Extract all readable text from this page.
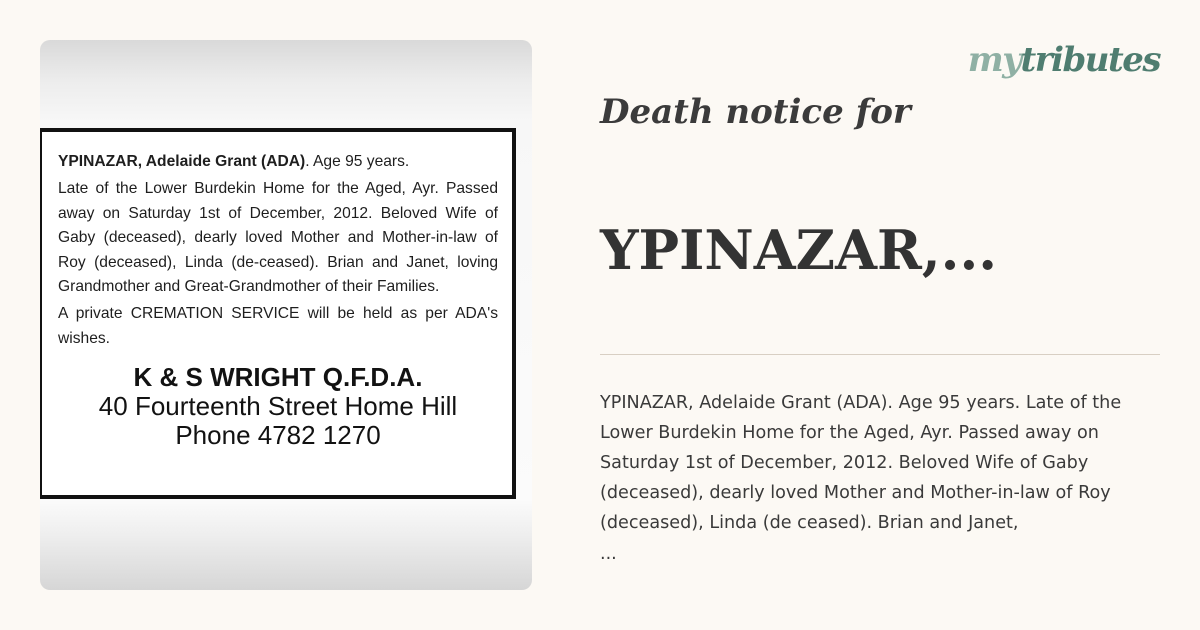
YPINAZAR, Adelaide Grant (ADA). Age 95 years.

Late of the Lower Burdekin Home for the Aged, Ayr. Passed away on Saturday 1st of December, 2012. Beloved Wife of Gaby (deceased), dearly loved Mother and Mother-in-law of Roy (deceased), Linda (de-ceased). Brian and Janet, loving Grandmother and Great-Grandmother of their Families.

A private CREMATION SERVICE will be held as per ADA's wishes.

K & S WRIGHT Q.F.D.A.
40 Fourteenth Street Home Hill
Phone 4782 1270
mytributes
Death notice for
YPINAZAR,...

YPINAZAR, Adelaide Grant (ADA). Age 95 years. Late of the Lower Burdekin Home for the Aged, Ayr. Passed away on Saturday 1st of December, 2012. Beloved Wife of Gaby (deceased), dearly loved Mother and Mother-in-law of Roy (deceased), Linda (de ceased). Brian and Janet,

...
